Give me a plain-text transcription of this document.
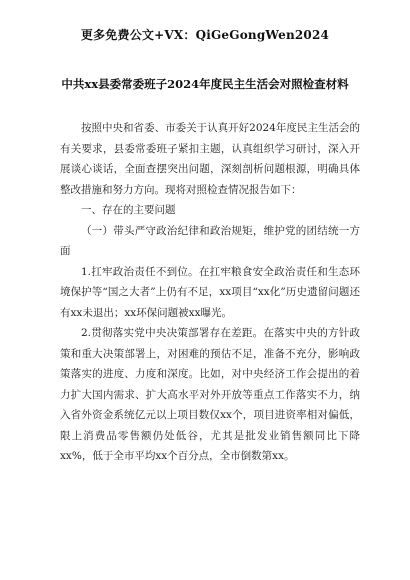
更多免费公文+VX：QiGeGongWen2024
中共xx县委常委班子2024年度民主生活会对照检查材料

按照中央和省委、市委关于认真开好2024年度民主生活会的有关要求，县委常委班子紧扣主题，认真组织学习研讨，深入开展谈心谈话，全面查摆突出问题，深刻剖析问题根源，明确具体整改措施和努力方向。现将对照检查情况报告如下：

一、存在的主要问题

（一）带头严守政治纪律和政治规矩，维护党的团结统一方面

1.扛牢政治责任不到位。在扛牢粮食安全政治责任和生态环境保护等“国之大者”上仍有不足，xx项目“xx化”历史遗留问题还有xx未退出；xx环保问题被xx曝光。

2.贯彻落实党中央决策部署存在差距。在落实中央的方针政策和重大决策部署上，对困难的预估不足，准备不充分，影响政策落实的进度、力度和深度。比如，对中央经济工作会提出的着力扩大国内需求、扩大高水平对外开放等重点工作落实不力，纳入省外资金系统亿元以上项目数仅xx个，项目进资率相对偏低，限上消费品零售额仍处低谷，尤其是批发业销售额同比下降xx%，低于全市平均xx个百分点，全市倒数第xx。
